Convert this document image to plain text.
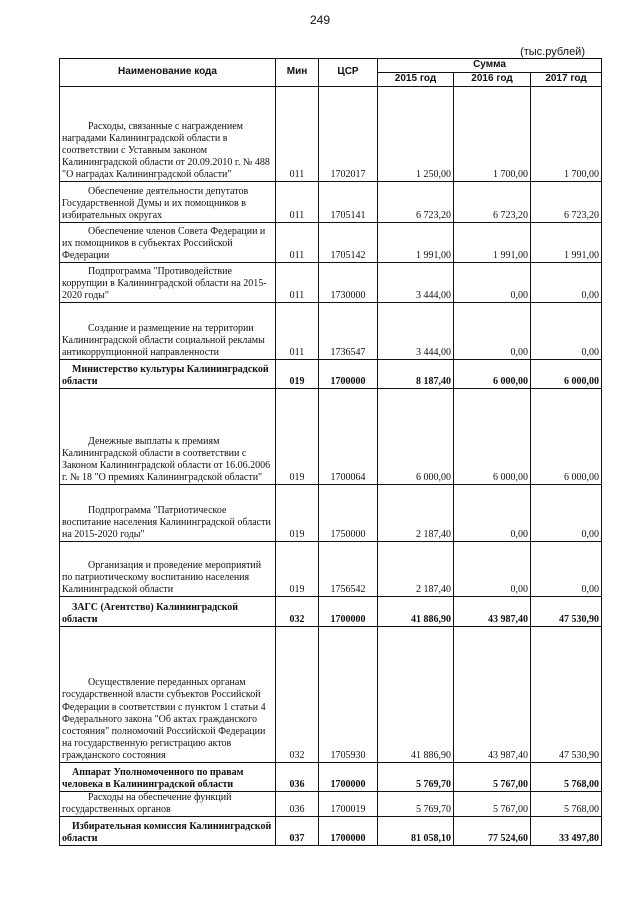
249
(тыс.рублей)
Наименование кода	Мин	ЦСР	Сумма		
			2015 год	2016 год	2017 год

Расходы, связанные с награждением наградами Калининградской области в соответствии с Уставным законом Калининградской области от 20.09.2010 г. № 488 "О наградах Калининградской области"	011	1702017	1 250,00	1 700,00	1 700,00

Обеспечение деятельности депутатов Государственной Думы и их помощников в избирательных округах	011	1705141	6 723,20	6 723,20	6 723,20

Обеспечение членов Совета Федерации и их помощников в субъектах Российской Федерации	011	1705142	1 991,00	1 991,00	1 991,00

Подпрограмма "Противодействие коррупции в Калининградской области на 2015-2020 годы"	011	1730000	3 444,00	0,00	0,00

Создание и размещение на территории Калининградской области социальной рекламы антикоррупционной направленности	011	1736547	3 444,00	0,00	0,00

Министерство культуры Калининградской области	019	1700000	8 187,40	6 000,00	6 000,00

Денежные выплаты к премиям Калининградской области в соответствии с Законом Калининградской области от 16.06.2006 г. № 18 "О премиях Калининградской области"	019	1700064	6 000,00	6 000,00	6 000,00

Подпрограмма "Патриотическое воспитание населения Калининградской области на 2015-2020 годы"	019	1750000	2 187,40	0,00	0,00

Организация и проведение мероприятий по патриотическому воспитанию населения Калининградской области	019	1756542	2 187,40	0,00	0,00

ЗАГС (Агентство) Калининградской области	032	1700000	41 886,90	43 987,40	47 530,90

Осуществление переданных органам государственной власти субъектов Российской Федерации в соответствии с пунктом 1 статьи 4 Федерального закона "Об актах гражданского состояния" полномочий Российской Федерации на государственную регистрацию актов гражданского состояния	032	1705930	41 886,90	43 987,40	47 530,90

Аппарат Уполномоченного по правам человека в Калининградской области	036	1700000	5 769,70	5 767,00	5 768,00

Расходы на обеспечение функций государственных органов	036	1700019	5 769,70	5 767,00	5 768,00

Избирательная комиссия Калининградской области	037	1700000	81 058,10	77 524,60	33 497,80
